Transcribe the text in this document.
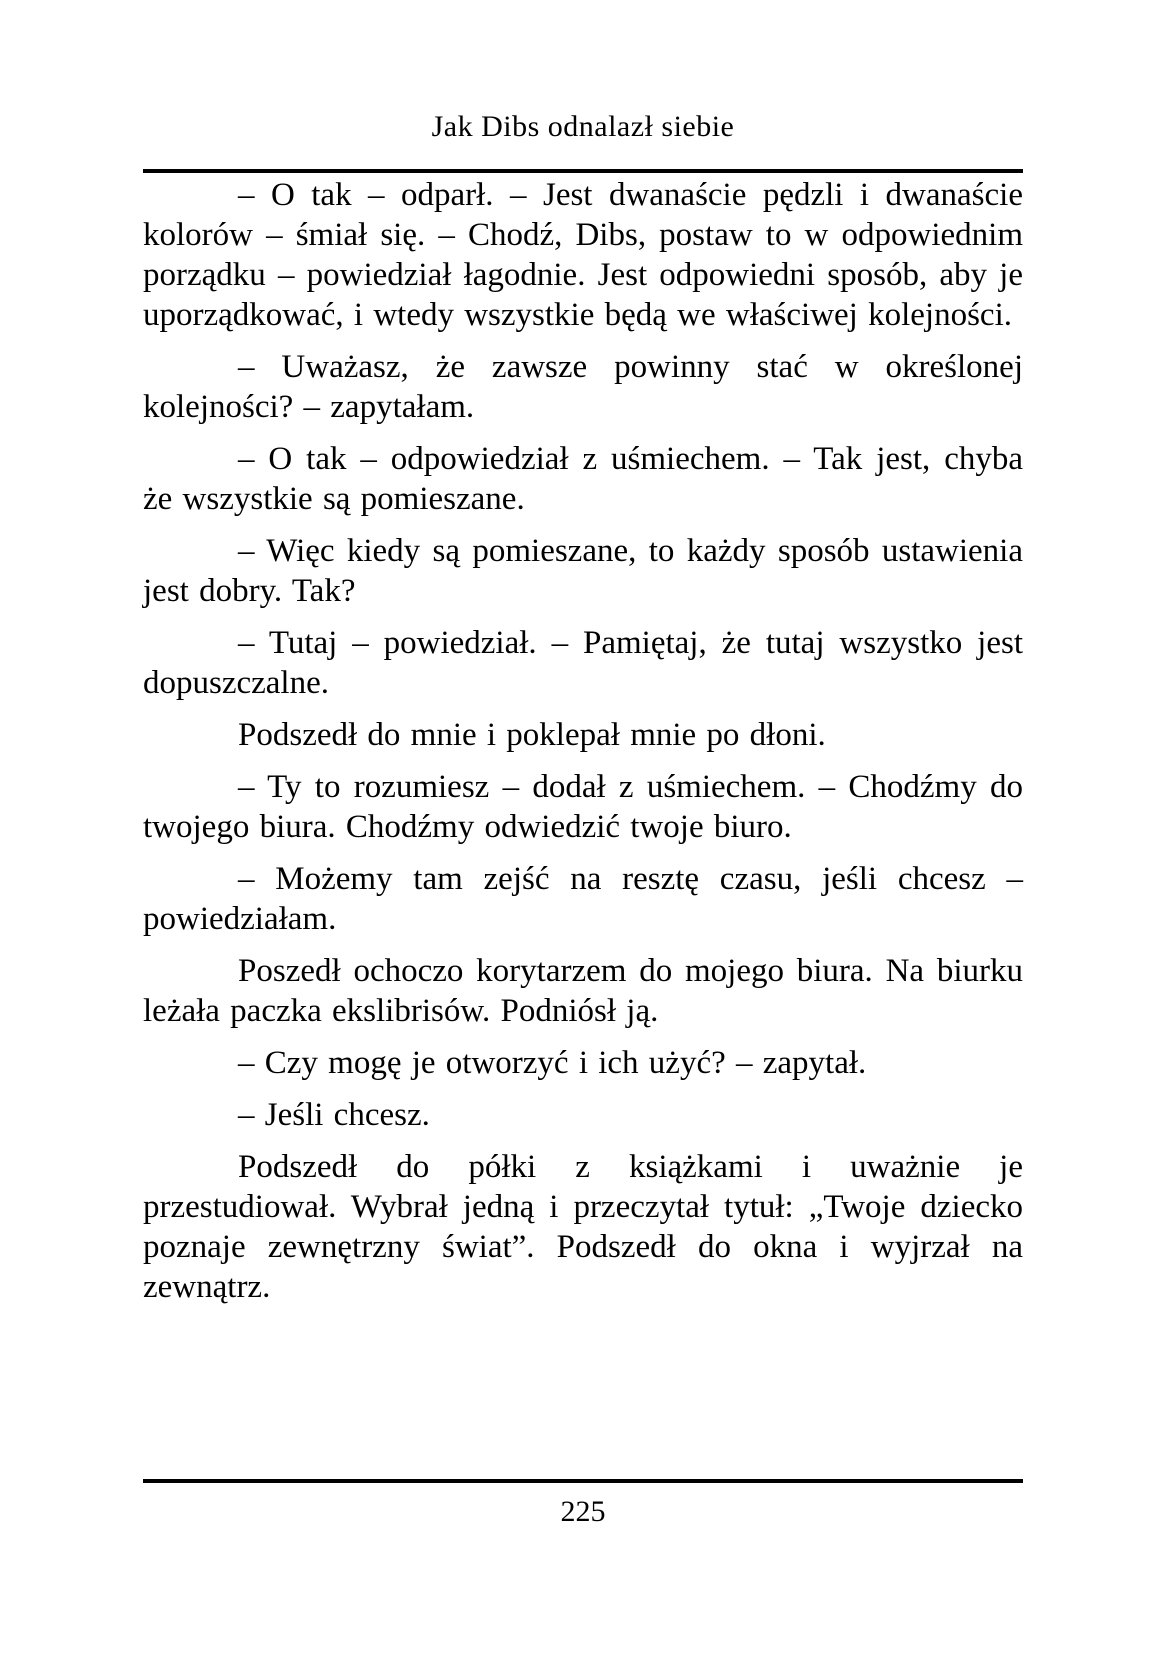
Jak Dibs odnalazł siebie

– O tak – odparł. – Jest dwanaście pędzli i dwanaście kolorów – śmiał się. – Chodź, Dibs, postaw to w odpowiednim porządku – powiedział łagodnie. Jest odpowiedni sposób, aby je uporządkować, i wtedy wszystkie będą we właściwej kolejności.

– Uważasz, że zawsze powinny stać w określonej kolejności? – zapytałam.

– O tak – odpowiedział z uśmiechem. – Tak jest, chyba że wszystkie są pomieszane.

– Więc kiedy są pomieszane, to każdy sposób ustawienia jest dobry. Tak?

– Tutaj – powiedział. – Pamiętaj, że tutaj wszystko jest dopuszczalne.

Podszedł do mnie i poklepał mnie po dłoni.

– Ty to rozumiesz – dodał z uśmiechem. – Chodźmy do twojego biura. Chodźmy odwiedzić twoje biuro.

– Możemy tam zejść na resztę czasu, jeśli chcesz – powiedziałam.

Poszedł ochoczo korytarzem do mojego biura. Na biurku leżała paczka ekslibrisów. Podniósł ją.

– Czy mogę je otworzyć i ich użyć? – zapytał.

– Jeśli chcesz.

Podszedł do półki z książkami i uważnie je przestudiował. Wybrał jedną i przeczytał tytuł: „Twoje dziecko poznaje zewnętrzny świat”. Podszedł do okna i wyjrzał na zewnątrz.

225
